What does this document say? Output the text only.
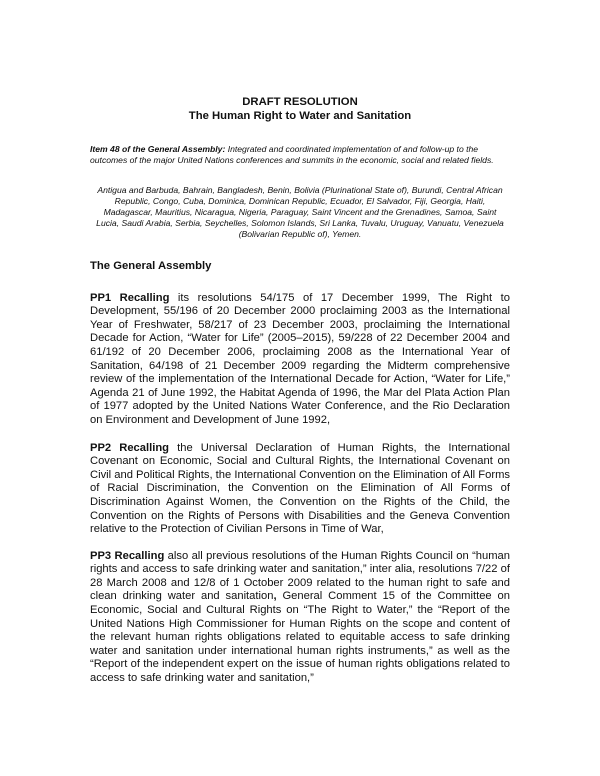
DRAFT RESOLUTION
The Human Right to Water and Sanitation
Item 48 of the General Assembly: Integrated and coordinated implementation of and follow-up to the outcomes of the major United Nations conferences and summits in the economic, social and related fields.
Antigua and Barbuda, Bahrain, Bangladesh, Benin, Bolivia (Plurinational State of), Burundi, Central African Republic, Congo, Cuba, Dominica, Dominican Republic, Ecuador, El Salvador, Fiji, Georgia, Haiti, Madagascar, Mauritius, Nicaragua, Nigeria, Paraguay, Saint Vincent and the Grenadines, Samoa, Saint Lucia, Saudi Arabia, Serbia, Seychelles, Solomon Islands, Sri Lanka, Tuvalu, Uruguay, Vanuatu, Venezuela (Bolivarian Republic of), Yemen.
The General Assembly
PP1 Recalling its resolutions 54/175 of 17 December 1999, The Right to Development, 55/196 of 20 December 2000 proclaiming 2003 as the International Year of Freshwater, 58/217 of 23 December 2003, proclaiming the International Decade for Action, “Water for Life” (2005–2015), 59/228 of 22 December 2004 and 61/192 of 20 December 2006, proclaiming 2008 as the International Year of Sanitation, 64/198 of 21 December 2009 regarding the Midterm comprehensive review of the implementation of the International Decade for Action, “Water for Life,” Agenda 21 of June 1992, the Habitat Agenda of 1996, the Mar del Plata Action Plan of 1977 adopted by the United Nations Water Conference, and the Rio Declaration on Environment and Development of June 1992,
PP2 Recalling the Universal Declaration of Human Rights, the International Covenant on Economic, Social and Cultural Rights, the International Covenant on Civil and Political Rights, the International Convention on the Elimination of All Forms of Racial Discrimination, the Convention on the Elimination of All Forms of Discrimination Against Women, the Convention on the Rights of the Child, the Convention on the Rights of Persons with Disabilities and the Geneva Convention relative to the Protection of Civilian Persons in Time of War,
PP3 Recalling also all previous resolutions of the Human Rights Council on “human rights and access to safe drinking water and sanitation,” inter alia, resolutions 7/22 of 28 March 2008 and 12/8 of 1 October 2009 related to the human right to safe and clean drinking water and sanitation, General Comment 15 of the Committee on Economic, Social and Cultural Rights on “The Right to Water,” the “Report of the United Nations High Commissioner for Human Rights on the scope and content of the relevant human rights obligations related to equitable access to safe drinking water and sanitation under international human rights instruments,” as well as the “Report of the independent expert on the issue of human rights obligations related to access to safe drinking water and sanitation,”
